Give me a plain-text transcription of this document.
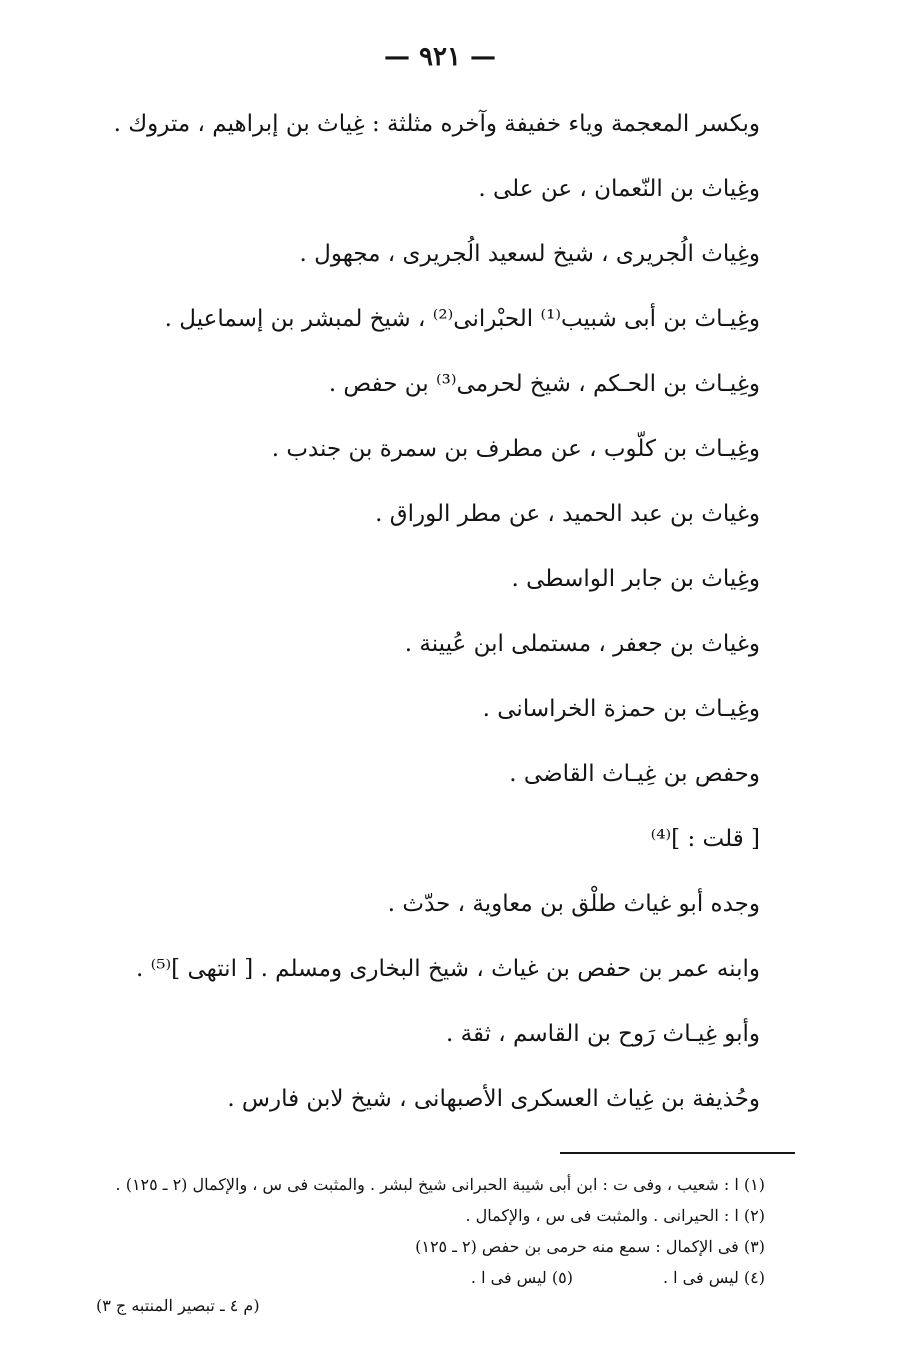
— ٩٢١ —
وبكسر المعجمة وياء خفيفة وآخره مثلثة : غِياث بن إبراهيم ، متروك .
وغِياث بن النّعمان ، عن على .
وغِياث الُجريرى ، شيخ لسعيد الُجريرى ، مجهول .
وغِيـاث بن أبى شبيب⁽¹⁾ الحبْرانى⁽²⁾ ، شيخ لمبشر بن إسماعيل .
وغِيـاث بن الحـكم ، شيخ لحرمى⁽³⁾ بن حفص .
وغِيـاث بن كلّوب ، عن مطرف بن سمرة بن جندب .
وغياث بن عبد الحميد ، عن مطر الوراق .
وغِياث بن جابر الواسطى .
وغياث بن جعفر ، مستملى ابن عُيينة .
وغِيـاث بن حمزة الخراسانى .
وحفص بن غِيـاث القاضى .
[ قلت : ]⁽⁴⁾
وجده أبو غياث طلْق بن معاوية ، حدّث .
وابنه عمر بن حفص بن غياث ، شيخ البخارى ومسلم . [ انتهى ]⁽⁵⁾ .
وأبو غِيـاث رَوح بن القاسم ، ثقة .
وحُذيفة بن غِياث العسكرى الأصبهانى ، شيخ لابن فارس .
(١) ا : شعيب ، وفى ت : ابن أبى شيبة الحبرانى شيخ لبشر . والمثبت فى س ، والإكمال (٢ ـ ١٢٥) .
(٢) ا : الحيرانى . والمثبت فى س ، والإكمال .
(٣) فى الإكمال : سمع منه حرمى بن حفص (٢ ـ ١٢٥)
(٤) ليس فى ا .
(٥) ليس فى ا .
(م ٤ ـ تبصير المنتبه ج ٣)
